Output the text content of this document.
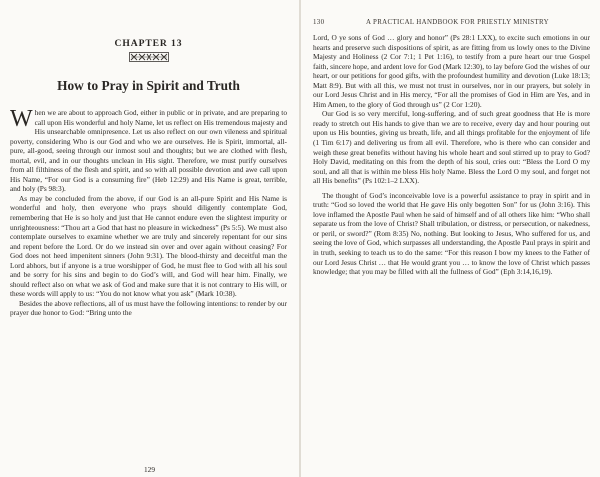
CHAPTER 13
How to Pray in Spirit and Truth

When we are about to approach God, either in public or in private, and are preparing to call upon His wonderful and holy Name, let us reflect on His tremendous majesty and His unsearchable omnipresence. Let us also reflect on our own vileness and spiritual poverty, considering Who is our God and who we are ourselves. He is Spirit, immortal, all-pure, all-good, seeing through our inmost soul and thoughts; but we are clothed with flesh, mortal, evil, and in our thoughts unclean in His sight. Therefore, we must purify ourselves from all filthiness of the flesh and spirit, and so with all possible devotion and awe call upon His Name, “For our God is a consuming fire” (Heb 12:29) and His Name is great, terrible, and holy (Ps 98:3).

As may be concluded from the above, if our God is an all-pure Spirit and His Name is wonderful and holy, then everyone who prays should diligently contemplate God, remembering that He is so holy and just that He cannot endure even the slightest impurity or unrighteousness: “Thou art a God that hast no pleasure in wickedness” (Ps 5:5). We must also contemplate ourselves to examine whether we are truly and sincerely repentant for our sins and repent before the Lord. Or do we instead sin over and over again without ceasing? For God does not heed impenitent sinners (John 9:31). The blood-thirsty and deceitful man the Lord abhors, but if anyone is a true worshipper of God, he must flee to God with all his soul and be sorry for his sins and begin to do God’s will, and God will hear him. Finally, we should reflect also on what we ask of God and make sure that it is not contrary to His will, or these words will apply to us: “You do not know what you ask” (Mark 10:38).

Besides the above reflections, all of us must have the following intentions: to render by our prayer due honor to God: “Bring unto the

129
130	A PRACTICAL HANDBOOK FOR PRIESTLY MINISTRY

Lord, O ye sons of God … glory and honor” (Ps 28:1 LXX), to excite such emotions in our hearts and preserve such dispositions of spirit, as are fitting from us lowly ones to the Divine Majesty and Holiness (2 Cor 7:1; 1 Pet 1:16), to testify from a pure heart our true Gospel faith, sincere hope, and ardent love for God (Mark 12:30), to lay before God the wishes of our heart, or our petitions for good gifts, with the profoundest humility and devotion (Luke 18:13; Matt 8:9). But with all this, we must not trust in ourselves, nor in our prayers, but solely in our Lord Jesus Christ and in His mercy, “For all the promises of God in Him are Yes, and in Him Amen, to the glory of God through us” (2 Cor 1:20).

Our God is so very merciful, long-suffering, and of such great goodness that He is more ready to stretch out His hands to give than we are to receive, every day and hour pouring out upon us His bounties, giving us breath, life, and all things profitable for the enjoyment of life (1 Tim 6:17) and delivering us from all evil. Therefore, who is there who can consider and weigh these great benefits without having his whole heart and soul stirred up to pray to God? Holy David, meditating on this from the depth of his soul, cries out: “Bless the Lord O my soul, and all that is within me bless His holy Name. Bless the Lord O my soul, and forget not all His benefits” (Ps 102:1–2 LXX).

The thought of God’s inconceivable love is a powerful assistance to pray in spirit and in truth: “God so loved the world that He gave His only begotten Son” for us (John 3:16). This love inflamed the Apostle Paul when he said of himself and of all others like him: “Who shall separate us from the love of Christ? Shall tribulation, or distress, or persecution, or nakedness, or peril, or sword?” (Rom 8:35) No, nothing. But looking to Jesus, Who suffered for us, and seeing the love of God, which surpasses all understanding, the Apostle Paul prays in spirit and in truth, seeking to teach us to do the same: “For this reason I bow my knees to the Father of our Lord Jesus Christ … that He would grant you … to know the love of Christ which passes knowledge; that you may be filled with all the fullness of God” (Eph 3:14,16,19).
